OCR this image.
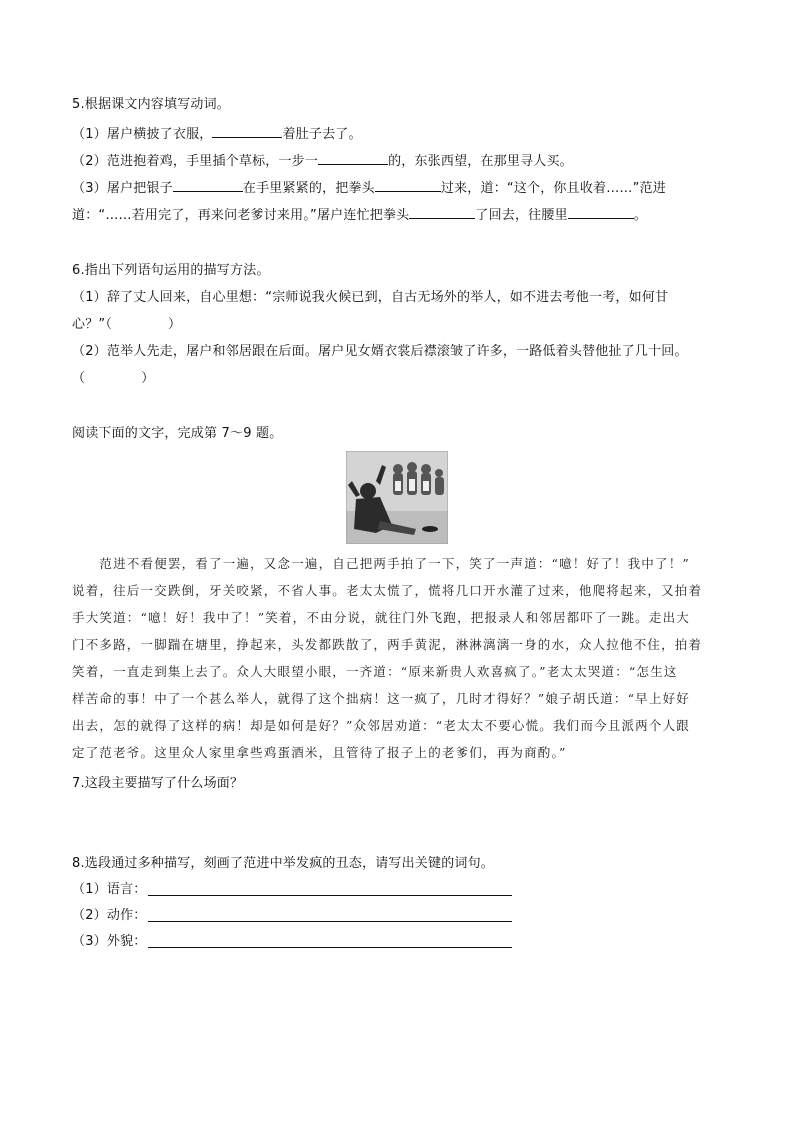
5.根据课文内容填写动词。
（1）屠户横披了衣服，	着肚子去了。
（2）范进抱着鸡，手里插个草标，一步一	的，东张西望，在那里寻人买。
（3）屠户把银子	在手里紧紧的，把拳头	过来，道：“这个，你且收着……”范进
道：“……若用完了，再来问老爹讨来用。”屠户连忙把拳头	了回去，往腰里	。
6.指出下列语句运用的描写方法。
（1）辞了丈人回来，自心里想：“宗师说我火候已到，自古无场外的举人，如不进去考他一考，如何甘
心？”（	）
（2）范举人先走，屠户和邻居跟在后面。屠户见女婿衣裳后襟滚皱了许多，一路低着头替他扯了几十回。
（	）
阅读下面的文字，完成第 7～9 题。
　　范进不看便罢，看了一遍，又念一遍，自己把两手拍了一下，笑了一声道：“噫！好了！我中了！”
说着，往后一交跌倒，牙关咬紧，不省人事。老太太慌了，慌将几口开水灌了过来，他爬将起来，又拍着
手大笑道：“噫！好！我中了！”笑着，不由分说，就往门外飞跑，把报录人和邻居都吓了一跳。走出大
门不多路，一脚踹在塘里，挣起来，头发都跌散了，两手黄泥，淋淋漓漓一身的水，众人拉他不住，拍着
笑着，一直走到集上去了。众人大眼望小眼，一齐道：“原来新贵人欢喜疯了。”老太太哭道：“怎生这
样苦命的事！中了一个甚么举人，就得了这个拙病！这一疯了，几时才得好？”娘子胡氏道：“早上好好
出去，怎的就得了这样的病！却是如何是好？”众邻居劝道：“老太太不要心慌。我们而今且派两个人跟
定了范老爷。这里众人家里拿些鸡蛋酒米，且管待了报子上的老爹们，再为商酌。”
7.这段主要描写了什么场面？
8.选段通过多种描写，刻画了范进中举发疯的丑态，请写出关键的词句。
（1）语言：
（2）动作：
（3）外貌：
